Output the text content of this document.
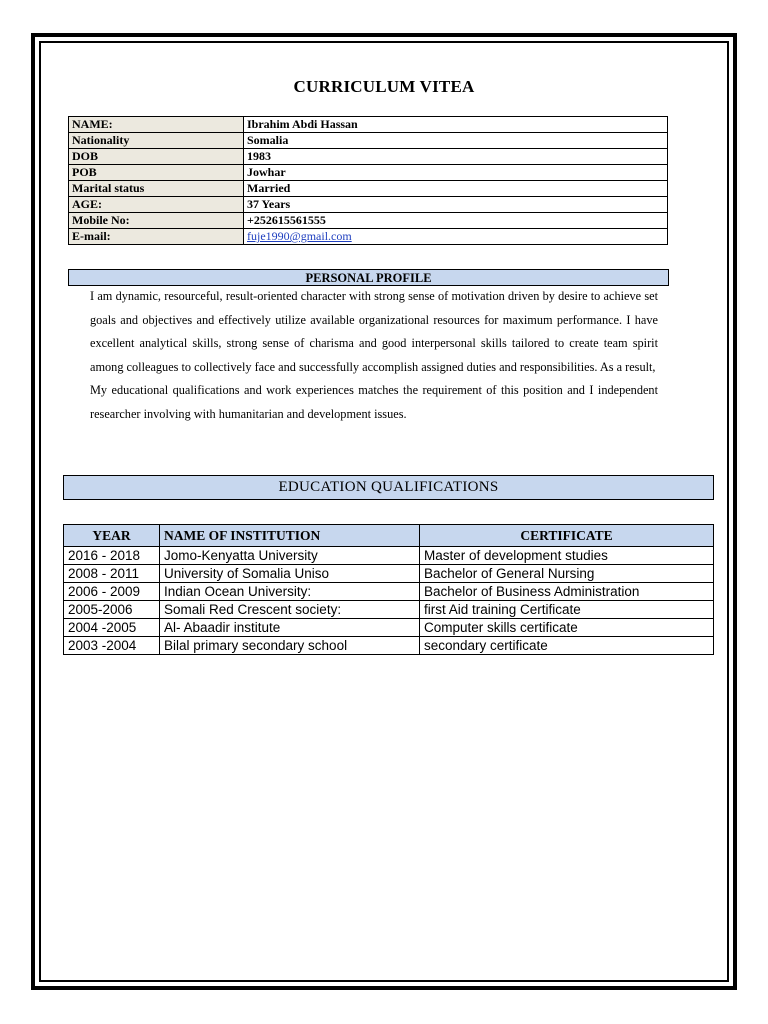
CURRICULUM VITEA
NAME:	Ibrahim Abdi Hassan
Nationality	Somalia
DOB	1983
POB	Jowhar
Marital status	Married
AGE:	37 Years
Mobile No:	+252615561555
E-mail:	fuje1990@gmail.com
PERSONAL PROFILE

I am dynamic, resourceful, result-oriented character with strong sense of motivation driven by desire to achieve set goals and objectives and effectively utilize available organizational resources for maximum performance. I have excellent analytical skills, strong sense of charisma and good interpersonal skills tailored to create team spirit among colleagues to collectively face and successfully accomplish assigned duties and responsibilities. As a result,

My educational qualifications and work experiences matches the requirement of this position and I independent researcher involving with humanitarian and development issues.

EDUCATION QUALIFICATIONS
YEAR	NAME OF INSTITUTION	CERTIFICATE
2016 - 2018	Jomo-Kenyatta University	Master of development studies
2008 - 2011	University of Somalia Uniso	Bachelor of General Nursing
2006 - 2009	Indian Ocean University:	Bachelor of Business Administration
2005-2006	Somali Red Crescent society:	first Aid training Certificate
2004 -2005	Al- Abaadir institute	Computer skills certificate
2003 -2004	Bilal primary secondary school	secondary certificate
